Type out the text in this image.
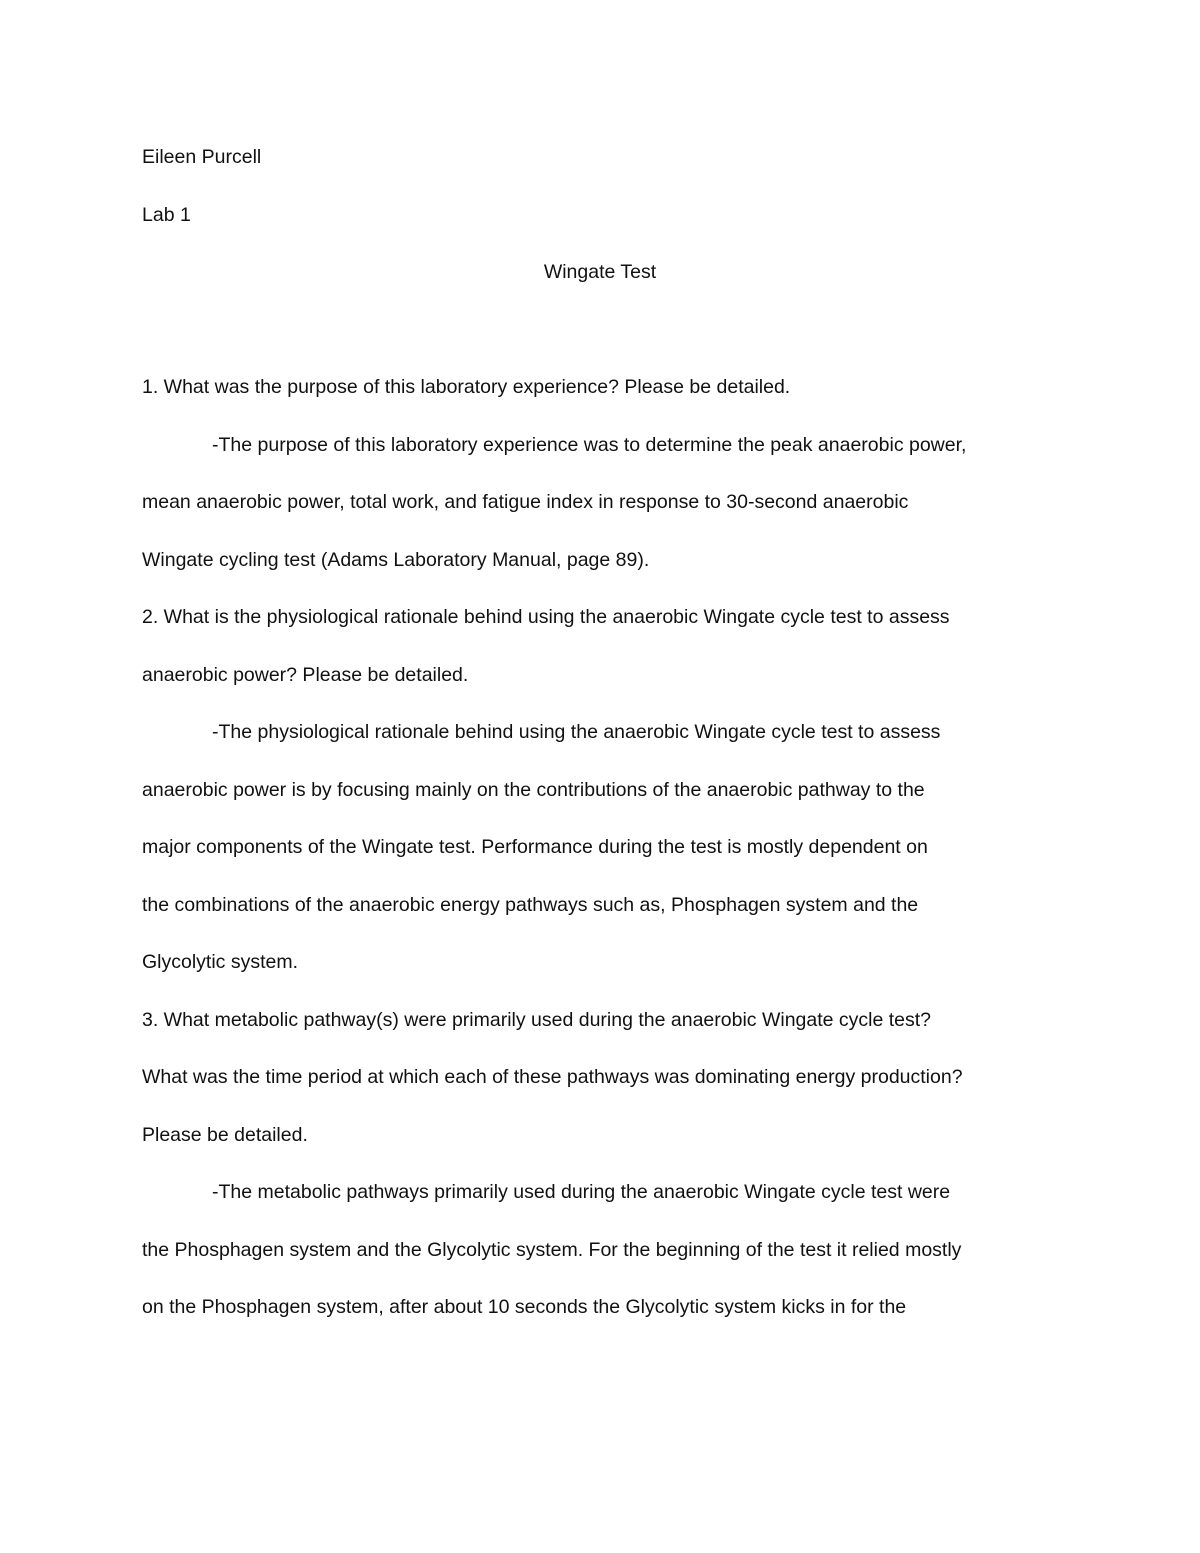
Eileen Purcell
Lab 1
Wingate Test
1. What was the purpose of this laboratory experience? Please be detailed.
-The purpose of this laboratory experience was to determine the peak anaerobic power,
mean anaerobic power, total work, and fatigue index in response to 30-second anaerobic
Wingate cycling test (Adams Laboratory Manual, page 89).
2. What is the physiological rationale behind using the anaerobic Wingate cycle test to assess
anaerobic power? Please be detailed.
-The physiological rationale behind using the anaerobic Wingate cycle test to assess
anaerobic power is by focusing mainly on the contributions of the anaerobic pathway to the
major components of the Wingate test. Performance during the test is mostly dependent on
the combinations of the anaerobic energy pathways such as, Phosphagen system and the
Glycolytic system.
3. What metabolic pathway(s) were primarily used during the anaerobic Wingate cycle test?
What was the time period at which each of these pathways was dominating energy production?
Please be detailed.
-The metabolic pathways primarily used during the anaerobic Wingate cycle test were
the Phosphagen system and the Glycolytic system. For the beginning of the test it relied mostly
on the Phosphagen system, after about 10 seconds the Glycolytic system kicks in for the
